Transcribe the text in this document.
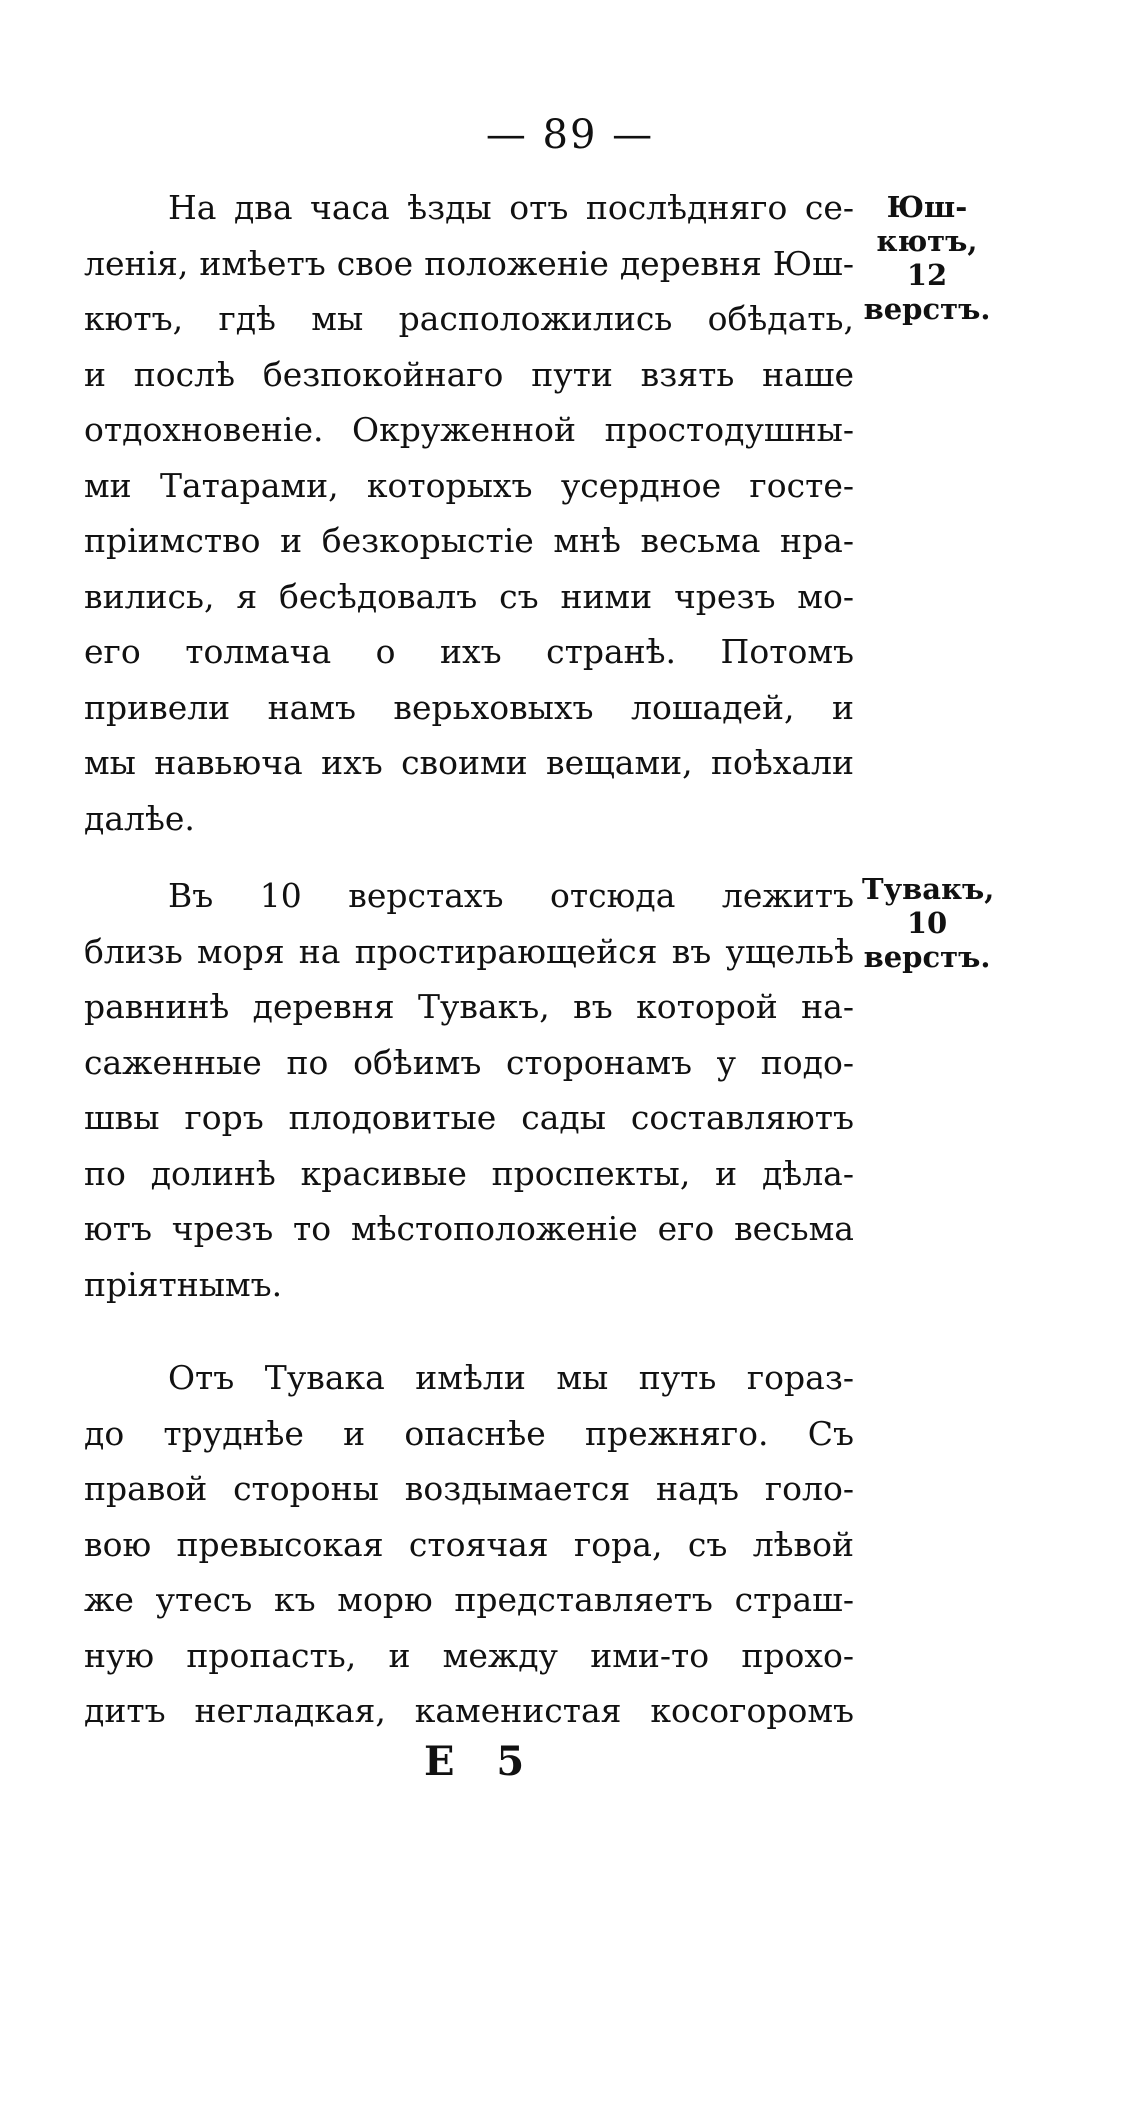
— 89 —
На два часа ѣзды отъ послѣдняго се-
ленія, имѣетъ свое положеніе деревня Юш-
кютъ, гдѣ мы расположились обѣдать,
и послѣ безпокойнаго пути взять наше
отдохновеніе. Окруженной простодушны-
ми Татарами, которыхъ усердное госте-
пріимство и безкорыстіе мнѣ весьма нра-
вились, я бесѣдовалъ съ ними чрезъ мо-
его толмача о ихъ странѣ. Потомъ
привели намъ верьховыхъ лошадей, и
мы навьюча ихъ своими вещами, поѣхали
далѣе.
Юш-
кютъ,
12
верстъ.
Въ 10 верстахъ отсюда лежитъ
близь моря на простирающейся въ ущельѣ
равнинѣ деревня Тувакъ, въ которой на-
саженные по обѣимъ сторонамъ у подо-
швы горъ плодовитые сады составляютъ
по долинѣ красивые проспекты, и дѣла-
ютъ чрезъ то мѣстоположеніе его весьма
пріятнымъ.
Тувакъ,
10
верстъ.
Отъ Тувака имѣли мы путь гораз-
до труднѣе и опаснѣе прежняго. Съ
правой стороны воздымается надъ голо-
вою превысокая стоячая гора, съ лѣвой
же утесъ къ морю представляетъ страш-
ную пропасть, и между ими-то прохо-
дитъ негладкая, каменистая косогоромъ
Е 5
